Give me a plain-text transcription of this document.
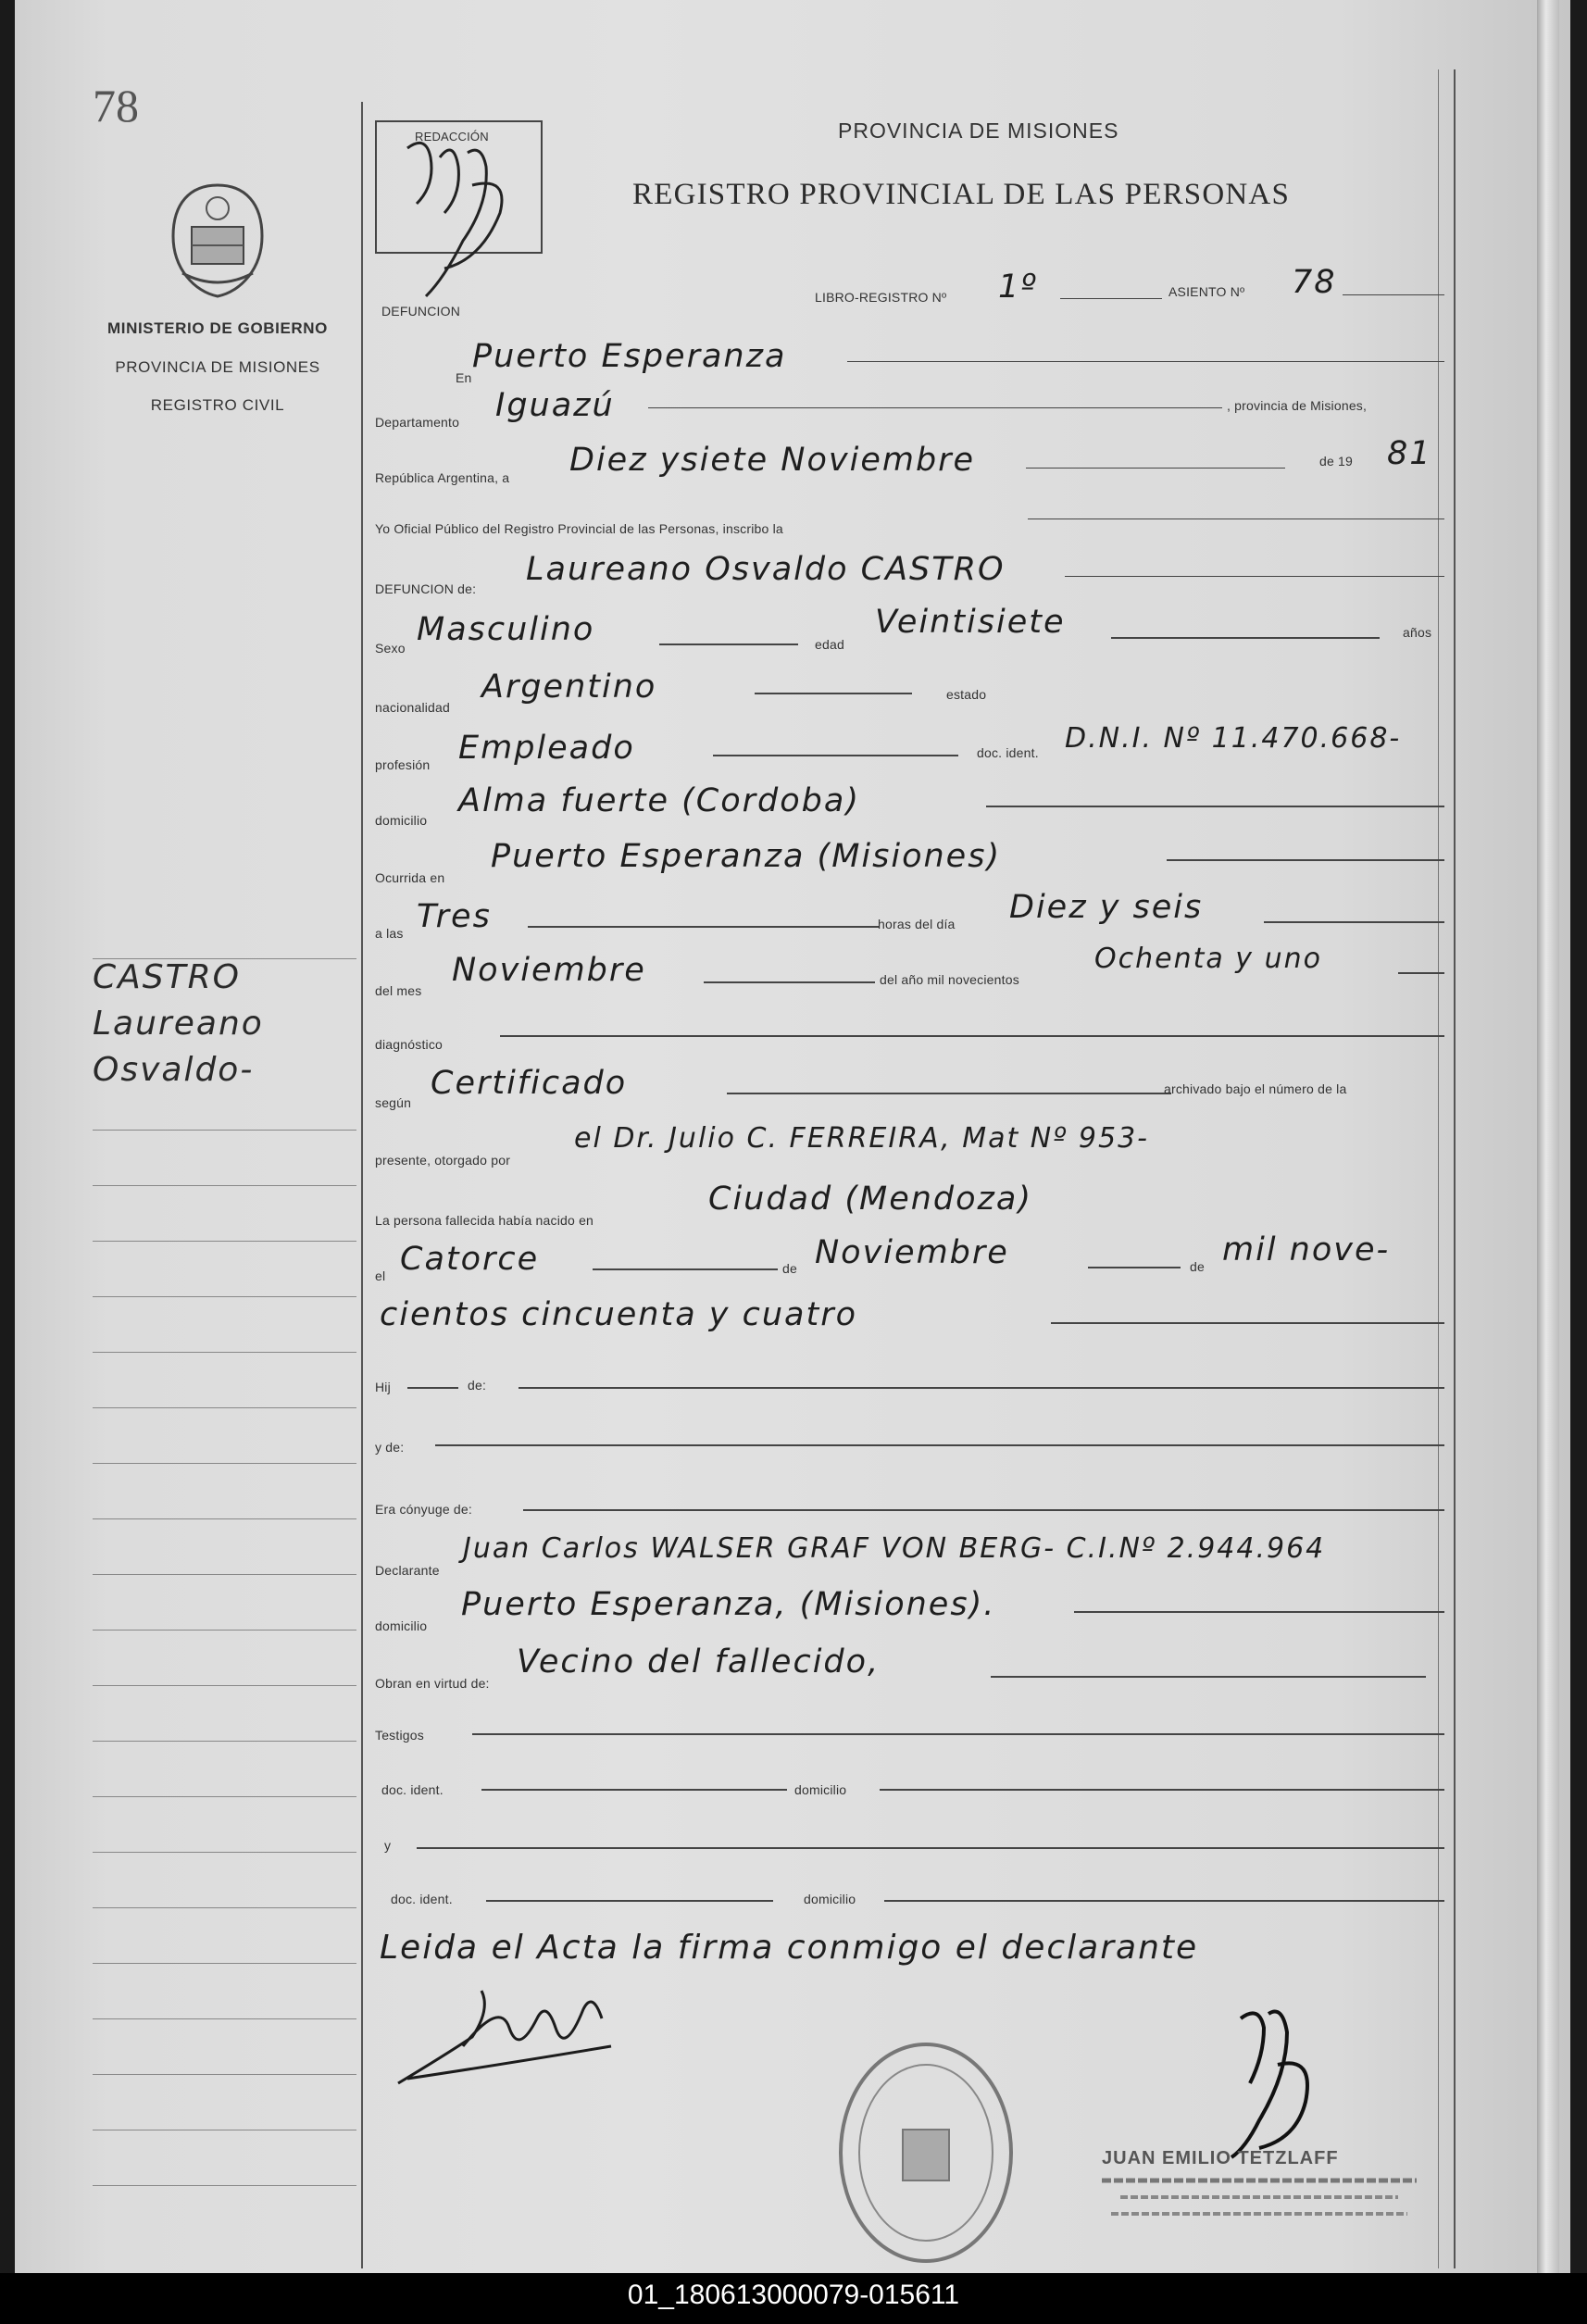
78
MINISTERIO DE GOBIERNO
PROVINCIA DE MISIONES
REGISTRO CIVIL
CASTRO
Laureano
Osvaldo-
REDACCIÓN
DEFUNCION
PROVINCIA DE MISIONES
REGISTRO PROVINCIAL DE LAS PERSONAS
LIBRO-REGISTRO Nº 1º	ASIENTO Nº 78
En
Puerto Esperanza
Departamento Iguazú	, provincia de Misiones,
República Argentina, a Diez ysiete Noviembre	de 19 81
Yo Oficial Público del Registro Provincial de las Personas, inscribo la
DEFUNCION de:
Laureano Osvaldo CASTRO
Sexo Masculino	edad
Veintisiete	años
nacionalidad
Argentino	estado
profesión Empleado	doc. ident. D.N.I. Nº 11.470.668-
domicilio
Alma fuerte (Cordoba)
Ocurrida en
Puerto Esperanza (Misiones)
a las Tres	horas del día Diez y seis
del mes
Noviembre	del año mil novecientos
Ochenta y uno
diagnóstico
según
Certificado	archivado bajo el número de la
presente, otorgado por
el Dr. Julio C. FERREIRA, Mat Nº 953-
La persona fallecida había nacido en
Ciudad (Mendoza)
el Catorce	de Noviembre	de mil nove-
cientos cincuenta y cuatro
Hij	de:
y de:
Era cónyuge de:
Declarante
Juan Carlos WALSER GRAF VON BERG- C.I.Nº 2.944.964
domicilio
Puerto Esperanza, (Misiones).
Obran en virtud de:
Vecino del fallecido,
Testigos
doc. ident.	domicilio
y
doc. ident.	domicilio
Leida el Acta la firma conmigo el declarante
JUAN EMILIO TETZLAFF
01_180613000079-015611
